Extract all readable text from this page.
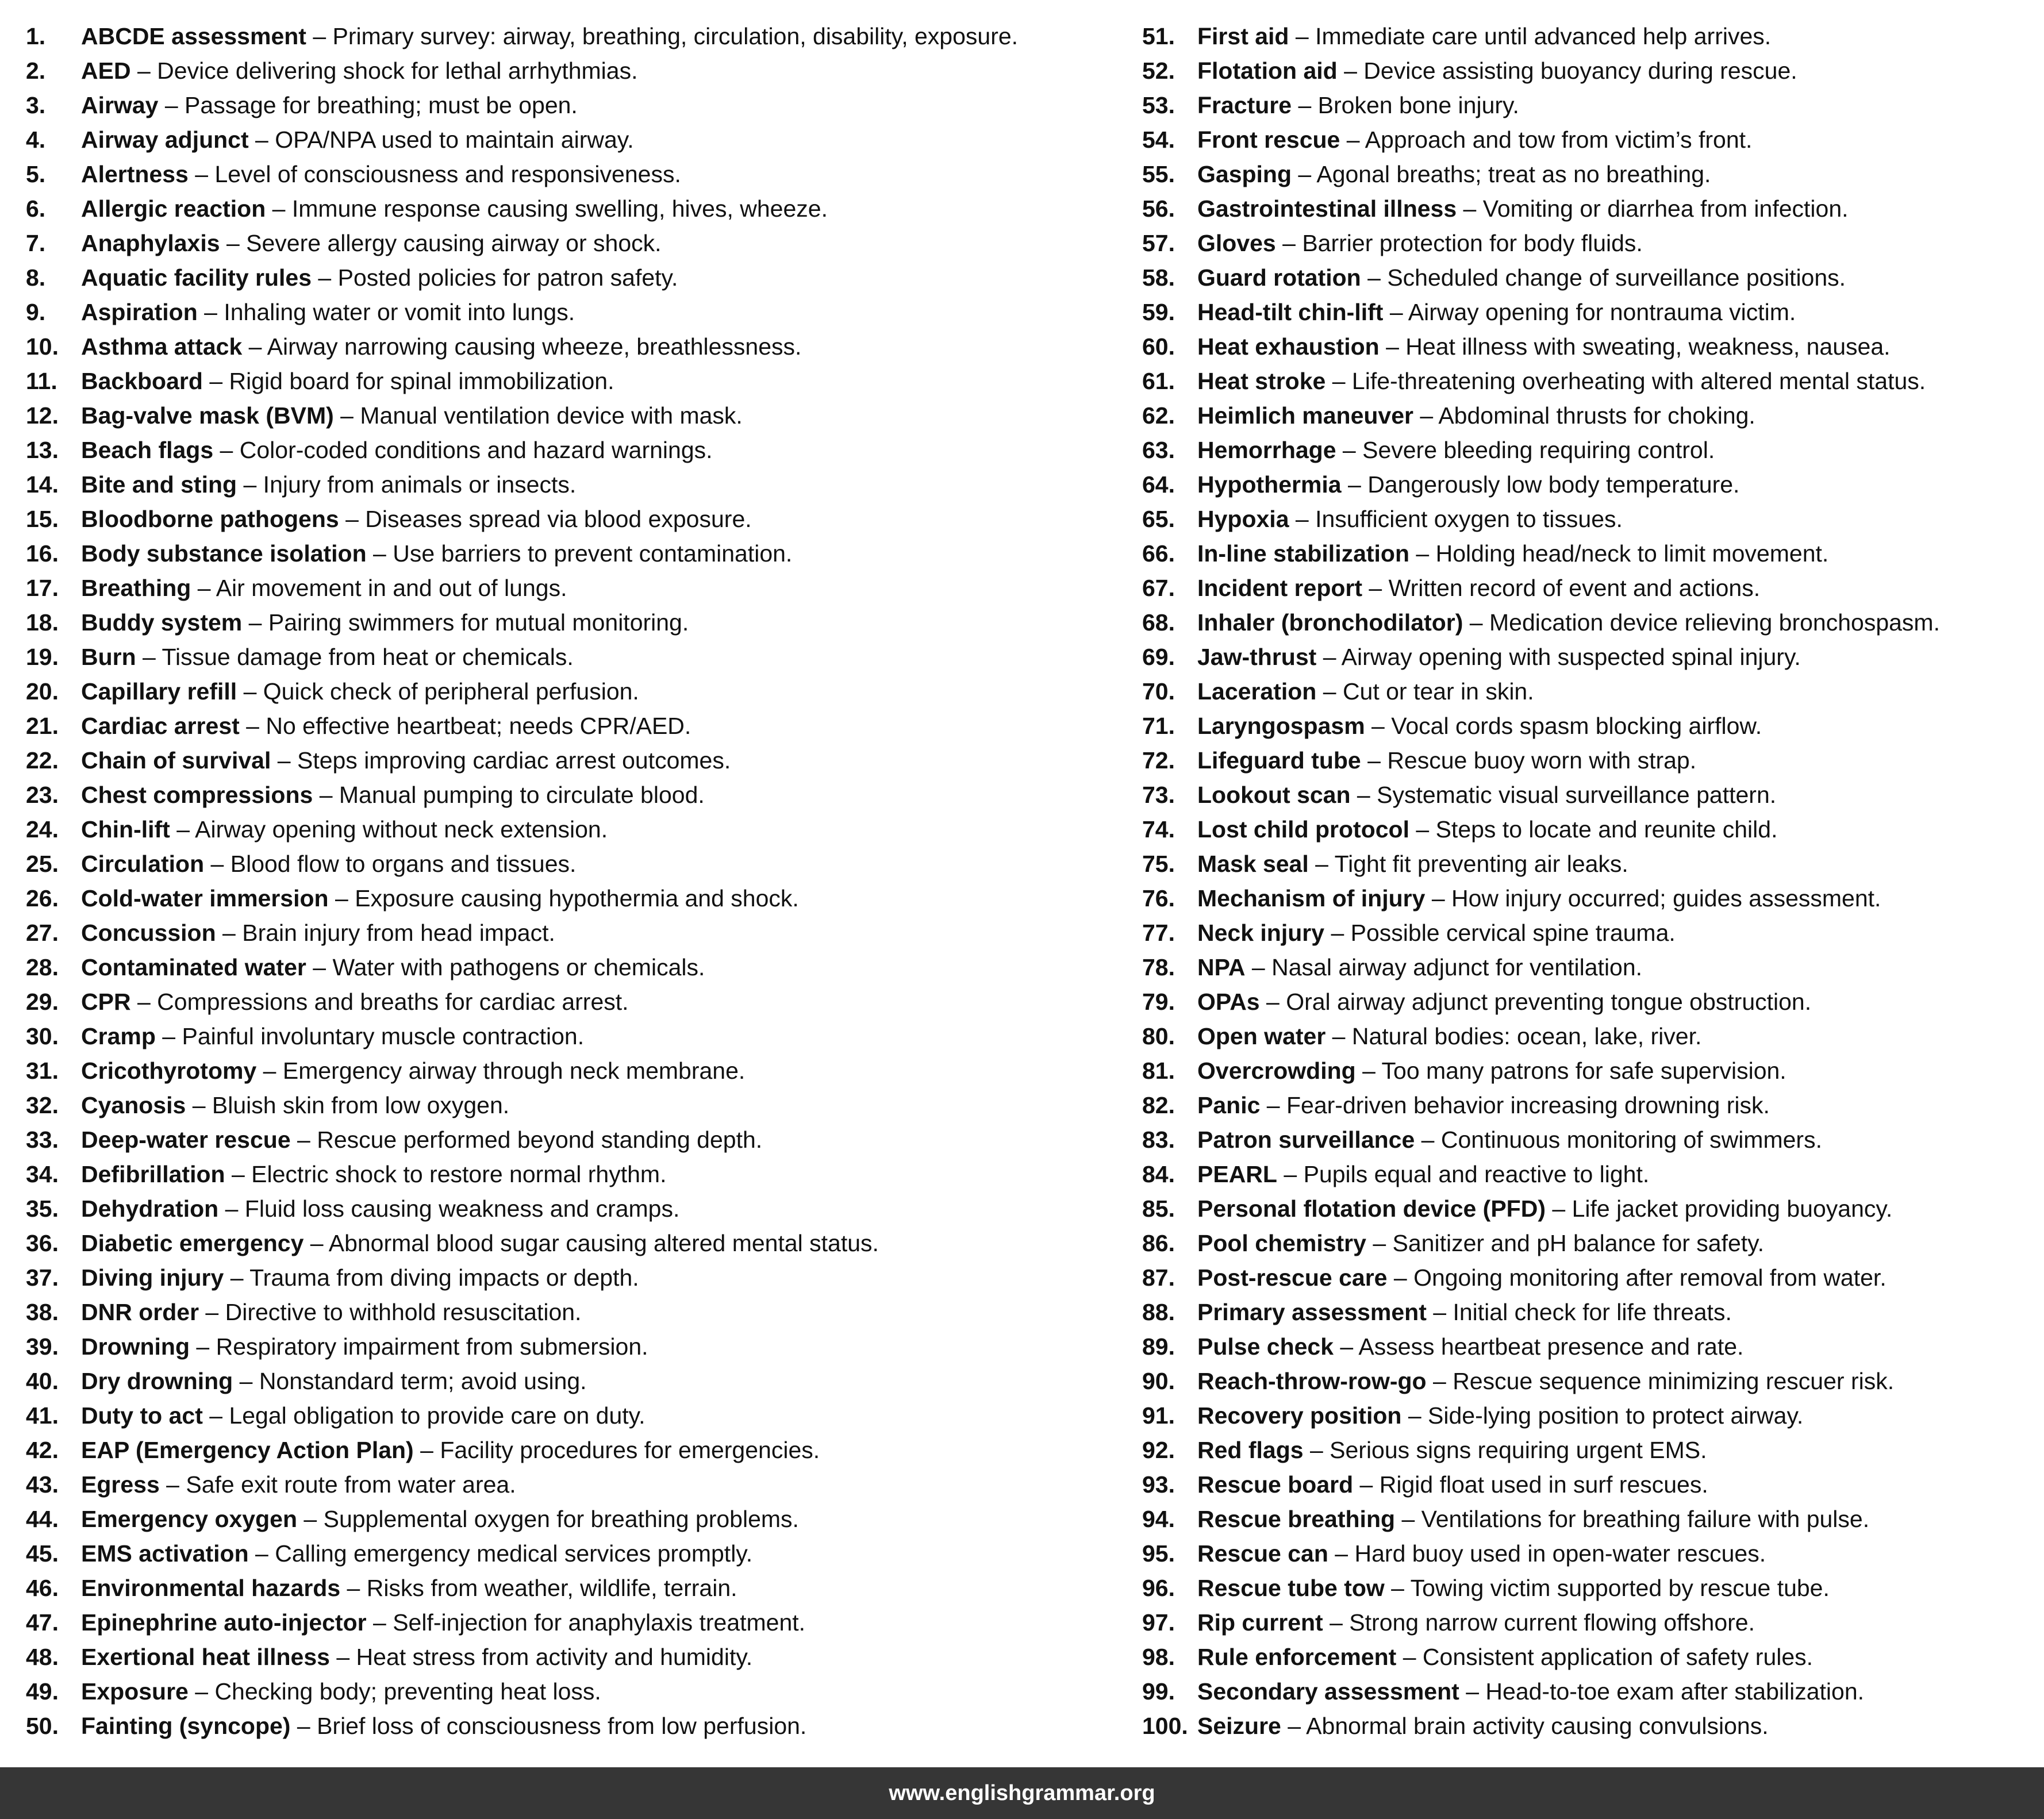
1. ABCDE assessment – Primary survey: airway, breathing, circulation, disability, exposure.
2. AED – Device delivering shock for lethal arrhythmias.
3. Airway – Passage for breathing; must be open.
4. Airway adjunct – OPA/NPA used to maintain airway.
5. Alertness – Level of consciousness and responsiveness.
6. Allergic reaction – Immune response causing swelling, hives, wheeze.
7. Anaphylaxis – Severe allergy causing airway or shock.
8. Aquatic facility rules – Posted policies for patron safety.
9. Aspiration – Inhaling water or vomit into lungs.
10. Asthma attack – Airway narrowing causing wheeze, breathlessness.
11. Backboard – Rigid board for spinal immobilization.
12. Bag-valve mask (BVM) – Manual ventilation device with mask.
13. Beach flags – Color-coded conditions and hazard warnings.
14. Bite and sting – Injury from animals or insects.
15. Bloodborne pathogens – Diseases spread via blood exposure.
16. Body substance isolation – Use barriers to prevent contamination.
17. Breathing – Air movement in and out of lungs.
18. Buddy system – Pairing swimmers for mutual monitoring.
19. Burn – Tissue damage from heat or chemicals.
20. Capillary refill – Quick check of peripheral perfusion.
21. Cardiac arrest – No effective heartbeat; needs CPR/AED.
22. Chain of survival – Steps improving cardiac arrest outcomes.
23. Chest compressions – Manual pumping to circulate blood.
24. Chin-lift – Airway opening without neck extension.
25. Circulation – Blood flow to organs and tissues.
26. Cold-water immersion – Exposure causing hypothermia and shock.
27. Concussion – Brain injury from head impact.
28. Contaminated water – Water with pathogens or chemicals.
29. CPR – Compressions and breaths for cardiac arrest.
30. Cramp – Painful involuntary muscle contraction.
31. Cricothyrotomy – Emergency airway through neck membrane.
32. Cyanosis – Bluish skin from low oxygen.
33. Deep-water rescue – Rescue performed beyond standing depth.
34. Defibrillation – Electric shock to restore normal rhythm.
35. Dehydration – Fluid loss causing weakness and cramps.
36. Diabetic emergency – Abnormal blood sugar causing altered mental status.
37. Diving injury – Trauma from diving impacts or depth.
38. DNR order – Directive to withhold resuscitation.
39. Drowning – Respiratory impairment from submersion.
40. Dry drowning – Nonstandard term; avoid using.
41. Duty to act – Legal obligation to provide care on duty.
42. EAP (Emergency Action Plan) – Facility procedures for emergencies.
43. Egress – Safe exit route from water area.
44. Emergency oxygen – Supplemental oxygen for breathing problems.
45. EMS activation – Calling emergency medical services promptly.
46. Environmental hazards – Risks from weather, wildlife, terrain.
47. Epinephrine auto-injector – Self-injection for anaphylaxis treatment.
48. Exertional heat illness – Heat stress from activity and humidity.
49. Exposure – Checking body; preventing heat loss.
50. Fainting (syncope) – Brief loss of consciousness from low perfusion.
51. First aid – Immediate care until advanced help arrives.
52. Flotation aid – Device assisting buoyancy during rescue.
53. Fracture – Broken bone injury.
54. Front rescue – Approach and tow from victim’s front.
55. Gasping – Agonal breaths; treat as no breathing.
56. Gastrointestinal illness – Vomiting or diarrhea from infection.
57. Gloves – Barrier protection for body fluids.
58. Guard rotation – Scheduled change of surveillance positions.
59. Head-tilt chin-lift – Airway opening for nontrauma victim.
60. Heat exhaustion – Heat illness with sweating, weakness, nausea.
61. Heat stroke – Life-threatening overheating with altered mental status.
62. Heimlich maneuver – Abdominal thrusts for choking.
63. Hemorrhage – Severe bleeding requiring control.
64. Hypothermia – Dangerously low body temperature.
65. Hypoxia – Insufficient oxygen to tissues.
66. In-line stabilization – Holding head/neck to limit movement.
67. Incident report – Written record of event and actions.
68. Inhaler (bronchodilator) – Medication device relieving bronchospasm.
69. Jaw-thrust – Airway opening with suspected spinal injury.
70. Laceration – Cut or tear in skin.
71. Laryngospasm – Vocal cords spasm blocking airflow.
72. Lifeguard tube – Rescue buoy worn with strap.
73. Lookout scan – Systematic visual surveillance pattern.
74. Lost child protocol – Steps to locate and reunite child.
75. Mask seal – Tight fit preventing air leaks.
76. Mechanism of injury – How injury occurred; guides assessment.
77. Neck injury – Possible cervical spine trauma.
78. NPA – Nasal airway adjunct for ventilation.
79. OPAs – Oral airway adjunct preventing tongue obstruction.
80. Open water – Natural bodies: ocean, lake, river.
81. Overcrowding – Too many patrons for safe supervision.
82. Panic – Fear-driven behavior increasing drowning risk.
83. Patron surveillance – Continuous monitoring of swimmers.
84. PEARL – Pupils equal and reactive to light.
85. Personal flotation device (PFD) – Life jacket providing buoyancy.
86. Pool chemistry – Sanitizer and pH balance for safety.
87. Post-rescue care – Ongoing monitoring after removal from water.
88. Primary assessment – Initial check for life threats.
89. Pulse check – Assess heartbeat presence and rate.
90. Reach-throw-row-go – Rescue sequence minimizing rescuer risk.
91. Recovery position – Side-lying position to protect airway.
92. Red flags – Serious signs requiring urgent EMS.
93. Rescue board – Rigid float used in surf rescues.
94. Rescue breathing – Ventilations for breathing failure with pulse.
95. Rescue can – Hard buoy used in open-water rescues.
96. Rescue tube tow – Towing victim supported by rescue tube.
97. Rip current – Strong narrow current flowing offshore.
98. Rule enforcement – Consistent application of safety rules.
99. Secondary assessment – Head-to-toe exam after stabilization.
100. Seizure – Abnormal brain activity causing convulsions.
www.englishgrammar.org
